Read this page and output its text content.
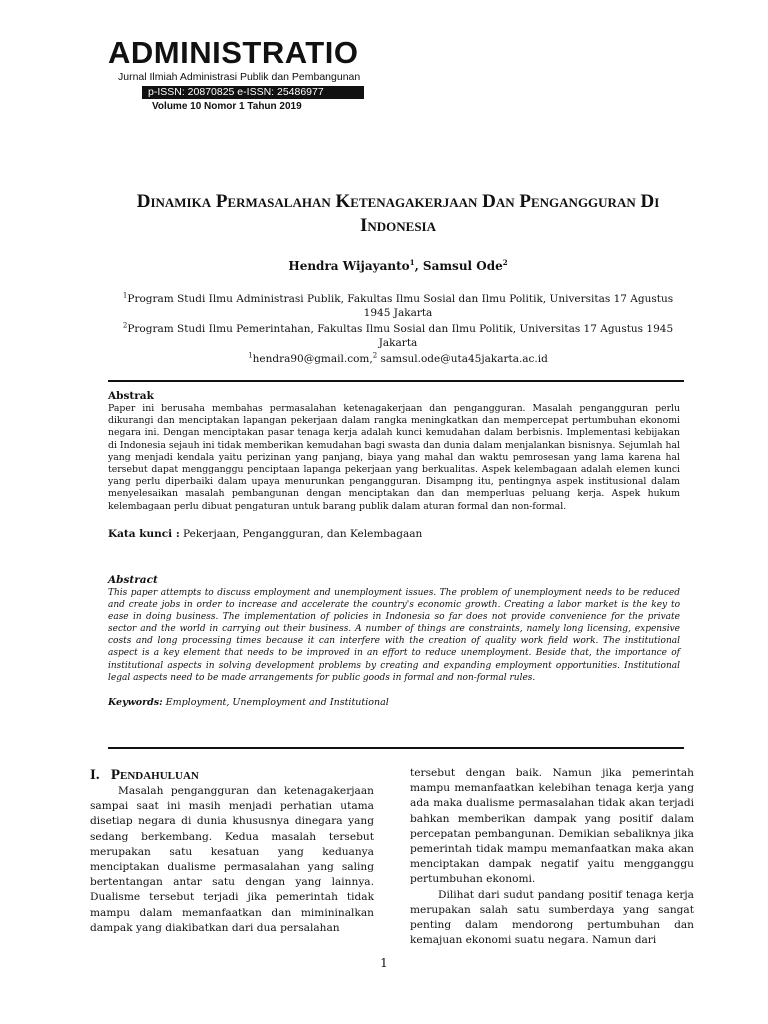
ADMINISTRATIO
Jurnal Ilmiah Administrasi Publik dan Pembangunan
p-ISSN: 20870825 e-ISSN: 25486977
Volume 10 Nomor 1 Tahun 2019
Dinamika Permasalahan Ketenagakerjaan Dan Pengangguran Di Indonesia
Hendra Wijayanto$^1$, Samsul Ode$^2$
$^1$Program Studi Ilmu Administrasi Publik, Fakultas Ilmu Sosial dan Ilmu Politik, Universitas 17 Agustus 1945 Jakarta
$^2$Program Studi Ilmu Pemerintahan, Fakultas Ilmu Sosial dan Ilmu Politik, Universitas 17 Agustus 1945 Jakarta
$^1$hendra90@gmail.com,$^2$ samsul.ode@uta45jakarta.ac.id

Abstrak

Paper ini berusaha membahas permasalahan ketenagakerjaan dan pengangguran. Masalah pengangguran perlu dikurangi dan menciptakan lapangan pekerjaan dalam rangka meningkatkan dan mempercepat pertumbuhan ekonomi negara ini. Dengan menciptakan pasar tenaga kerja adalah kunci kemudahan dalam berbisnis. Implementasi kebijakan di Indonesia sejauh ini tidak memberikan kemudahan bagi swasta dan dunia dalam menjalankan bisnisnya. Sejumlah hal yang menjadi kendala yaitu perizinan yang panjang, biaya yang mahal dan waktu pemrosesan yang lama karena hal tersebut dapat mengganggu penciptaan lapanga pekerjaan yang berkualitas. Aspek kelembagaan adalah elemen kunci yang perlu diperbaiki dalam upaya menurunkan pengangguran. Disampng itu, pentingnya aspek institusional dalam menyelesaikan masalah pembangunan dengan menciptakan dan dan memperluas peluang kerja. Aspek hukum kelembagaan perlu dibuat pengaturan untuk barang publik dalam aturan formal dan non-formal.

Kata kunci : Pekerjaan, Pengangguran, dan Kelembagaan

Abstract

This paper attempts to discuss employment and unemployment issues. The problem of unemployment needs to be reduced and create jobs in order to increase and accelerate the country's economic growth. Creating a labor market is the key to ease in doing business. The implementation of policies in Indonesia so far does not provide convenience for the private sector and the world in carrying out their business. A number of things are constraints, namely long licensing, expensive costs and long processing times because it can interfere with the creation of quality work field work. The institutional aspect is a key element that needs to be improved in an effort to reduce unemployment. Beside that, the importance of institutional aspects in solving development problems by creating and expanding employment opportunities. Institutional legal aspects need to be made arrangements for public goods in formal and non-formal rules.

Keywords: Employment, Unemployment and Institutional

I. Pendahuluan

Masalah pengangguran dan ketenagakerjaan sampai saat ini masih menjadi perhatian utama disetiap negara di dunia khususnya dinegara yang sedang berkembang. Kedua masalah tersebut merupakan satu kesatuan yang keduanya menciptakan dualisme permasalahan yang saling bertentangan antar satu dengan yang lainnya. Dualisme tersebut terjadi jika pemerintah tidak mampu dalam memanfaatkan dan mimininalkan dampak yang diakibatkan dari dua persalahan

tersebut dengan baik. Namun jika pemerintah mampu memanfaatkan kelebihan tenaga kerja yang ada maka dualisme permasalahan tidak akan terjadi bahkan memberikan dampak yang positif dalam percepatan pembangunan. Demikian sebaliknya jika pemerintah tidak mampu memanfaatkan maka akan menciptakan dampak negatif yaitu mengganggu pertumbuhan ekonomi.

Dilihat dari sudut pandang positif tenaga kerja merupakan salah satu sumberdaya yang sangat penting dalam mendorong pertumbuhan dan kemajuan ekonomi suatu negara. Namun dari

1
